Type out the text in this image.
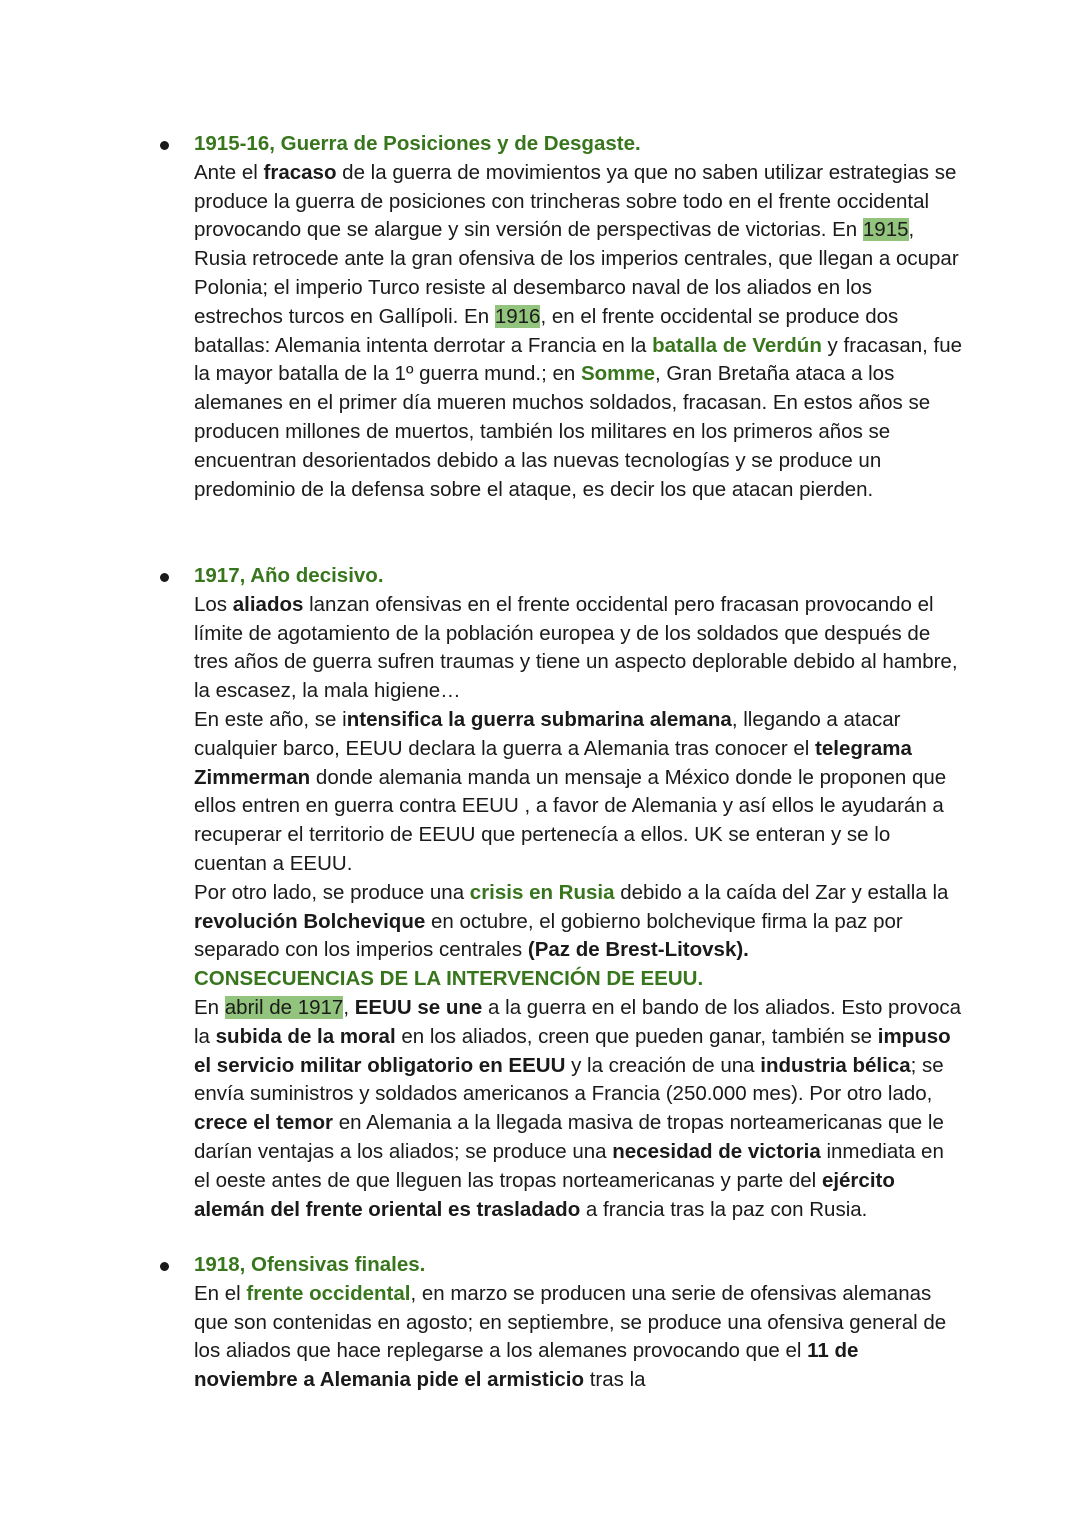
1915-16, Guerra de Posiciones y de Desgaste.

Ante el fracaso de la guerra de movimientos ya que no saben utilizar estrategias se produce la guerra de posiciones con trincheras sobre todo en el frente occidental provocando que se alargue y sin versión de perspectivas de victorias. En 1915, Rusia retrocede ante la gran ofensiva de los imperios centrales, que llegan a ocupar Polonia; el imperio Turco resiste al desembarco naval de los aliados en los estrechos turcos en Gallípoli. En 1916, en el frente occidental se produce dos batallas: Alemania intenta derrotar a Francia en la batalla de Verdún y fracasan, fue la mayor batalla de la 1º guerra mund.; en Somme, Gran Bretaña ataca a los alemanes en el primer día mueren muchos soldados, fracasan. En estos años se producen millones de muertos, también los militares en los primeros años se encuentran desorientados debido a las nuevas tecnologías y se produce un predominio de la defensa sobre el ataque, es decir los que atacan pierden.

1917, Año decisivo.

Los aliados lanzan ofensivas en el frente occidental pero fracasan provocando el límite de agotamiento de la población europea y de los soldados que después de tres años de guerra sufren traumas y tiene un aspecto deplorable debido al hambre, la escasez, la mala higiene…

En este año, se intensifica la guerra submarina alemana, llegando a atacar cualquier barco, EEUU declara la guerra a Alemania tras conocer el telegrama Zimmerman donde alemania manda un mensaje a México donde le proponen que ellos entren en guerra contra EEUU , a favor de Alemania y así ellos le ayudarán a recuperar el territorio de EEUU que pertenecía a ellos. UK se enteran y se lo cuentan a EEUU.

Por otro lado, se produce una crisis en Rusia debido a la caída del Zar y estalla la revolución Bolchevique en octubre, el gobierno bolchevique firma la paz por separado con los imperios centrales (Paz de Brest-Litovsk).

CONSECUENCIAS DE LA INTERVENCIÓN DE EEUU.

En abril de 1917, EEUU se une a la guerra en el bando de los aliados. Esto provoca la subida de la moral en los aliados, creen que pueden ganar, también se impuso el servicio militar obligatorio en EEUU y la creación de una industria bélica; se envía suministros y soldados americanos a Francia (250.000 mes). Por otro lado, crece el temor en Alemania a la llegada masiva de tropas norteamericanas que le darían ventajas a los aliados; se produce una necesidad de victoria inmediata en el oeste antes de que lleguen las tropas norteamericanas y parte del ejército alemán del frente oriental es trasladado a francia tras la paz con Rusia.

1918, Ofensivas finales.

En el frente occidental, en marzo se producen una serie de ofensivas alemanas que son contenidas en agosto; en septiembre, se produce una ofensiva general de los aliados que hace replegarse a los alemanes provocando que el 11 de noviembre a Alemania pide el armisticio tras la
